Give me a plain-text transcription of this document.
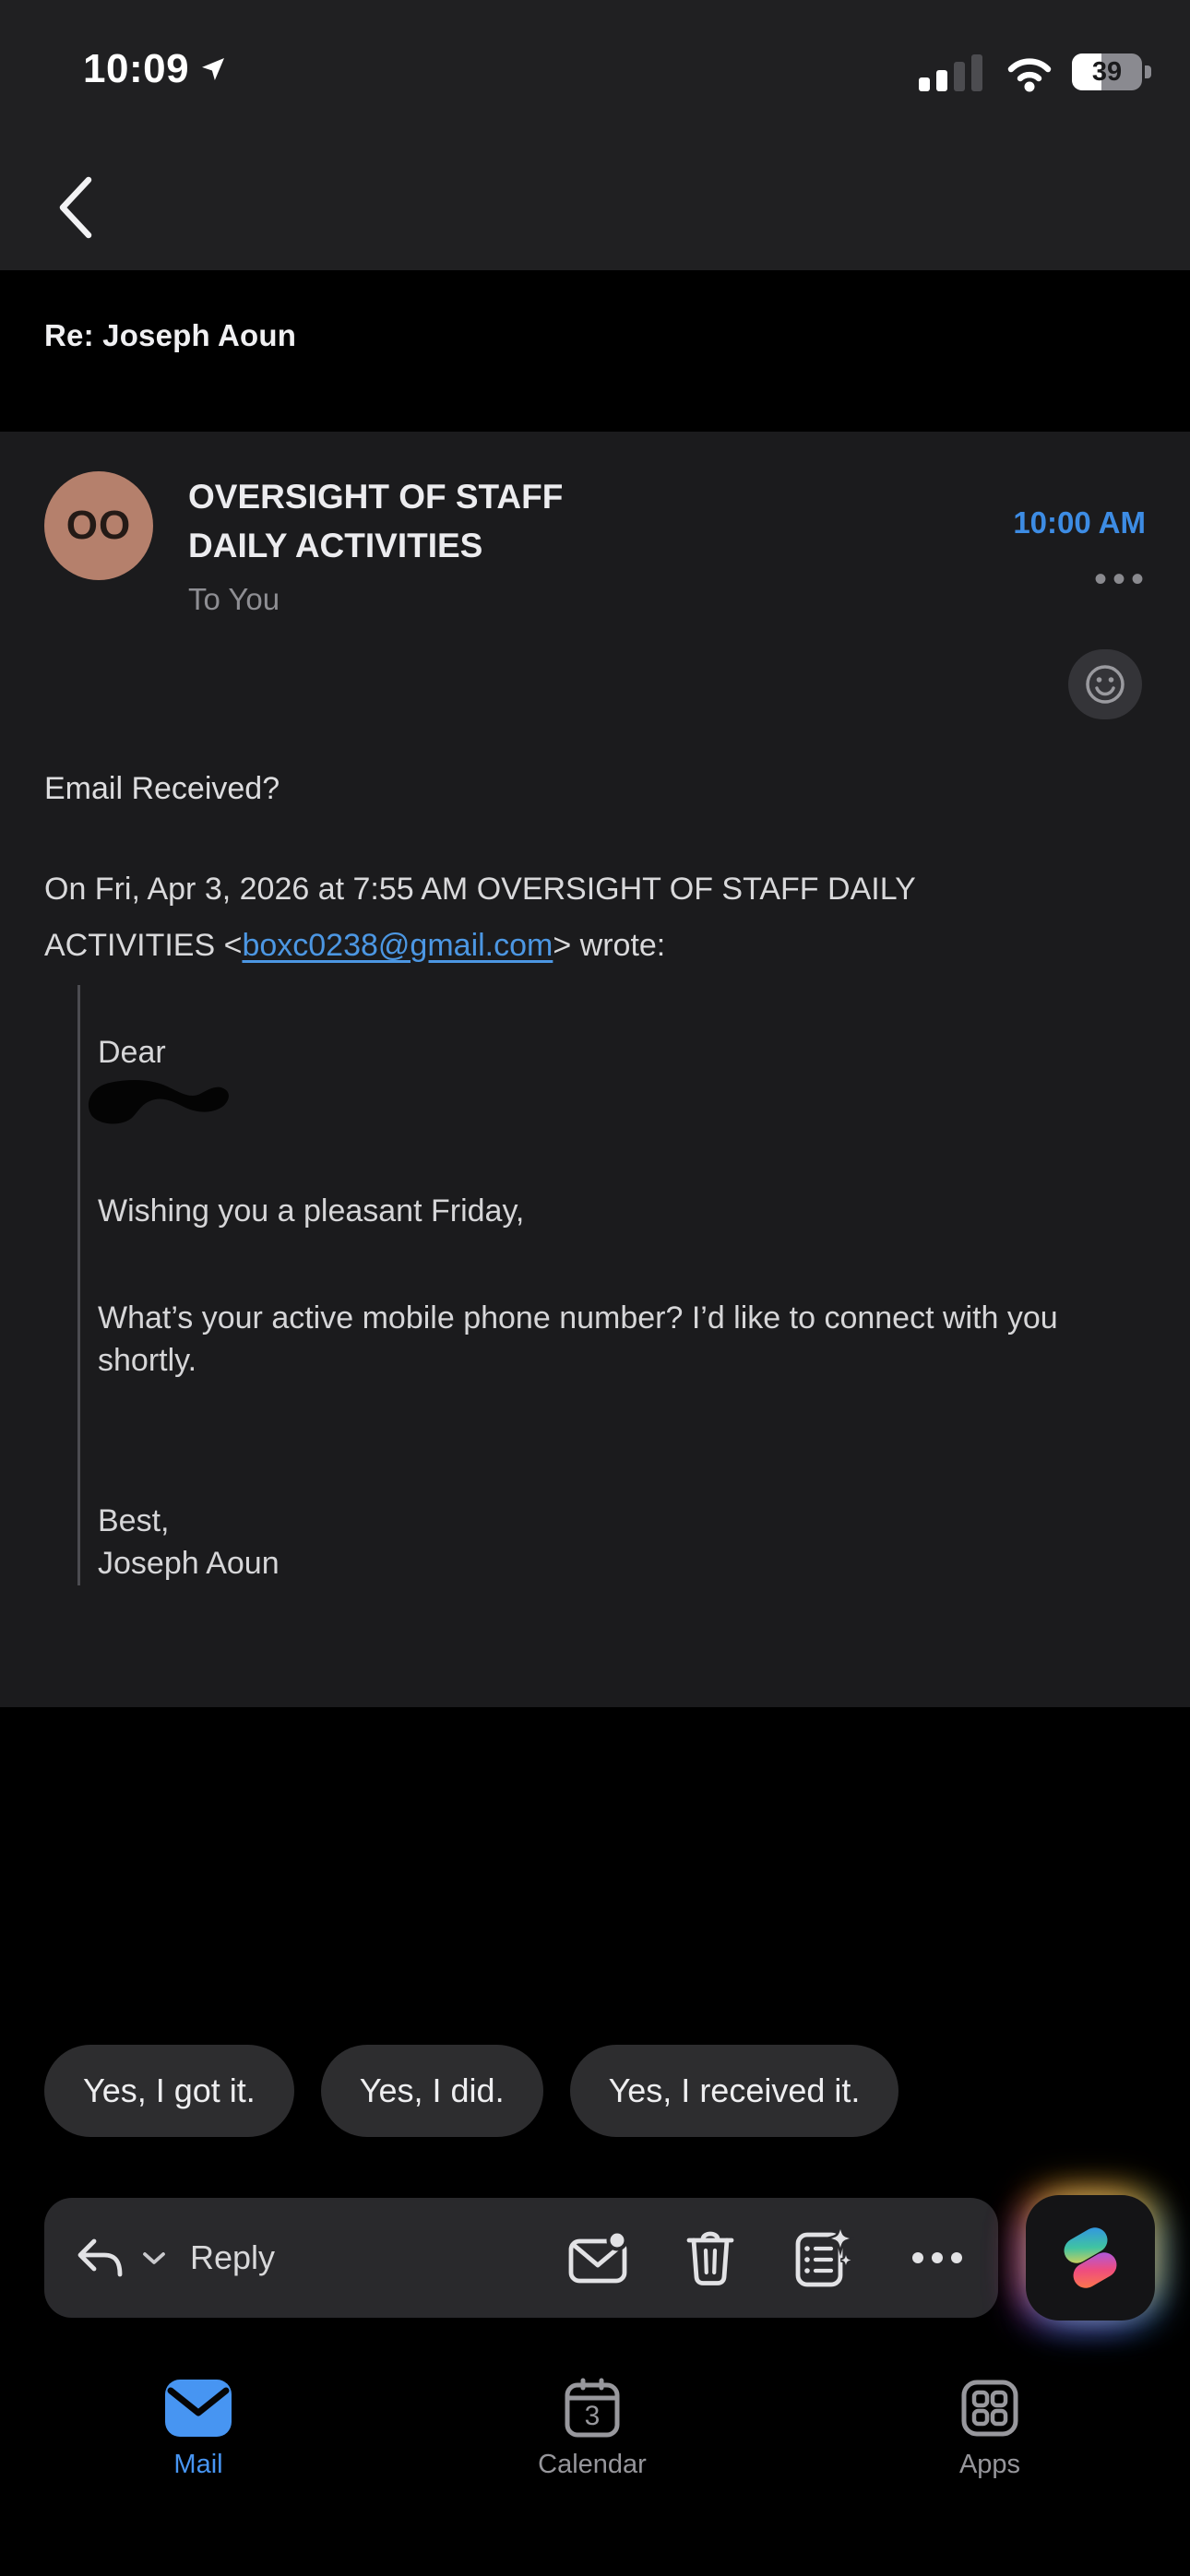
10:09	39
Re: Joseph Aoun
OO
OVERSIGHT OF STAFF DAILY ACTIVITIES
To You
10:00 AM
•••
Email Received?

On Fri, Apr 3, 2026 at 7:55 AM OVERSIGHT OF STAFF DAILY ACTIVITIES <boxc0238@gmail.com> wrote:

Dear

Wishing you a pleasant Friday,

What’s your active mobile phone number? I’d like to connect with you shortly.

Best,

Joseph Aoun

Yes, I got it.	Yes, I did.	Yes, I received it.
Reply
Mail
3
Calendar	Apps
